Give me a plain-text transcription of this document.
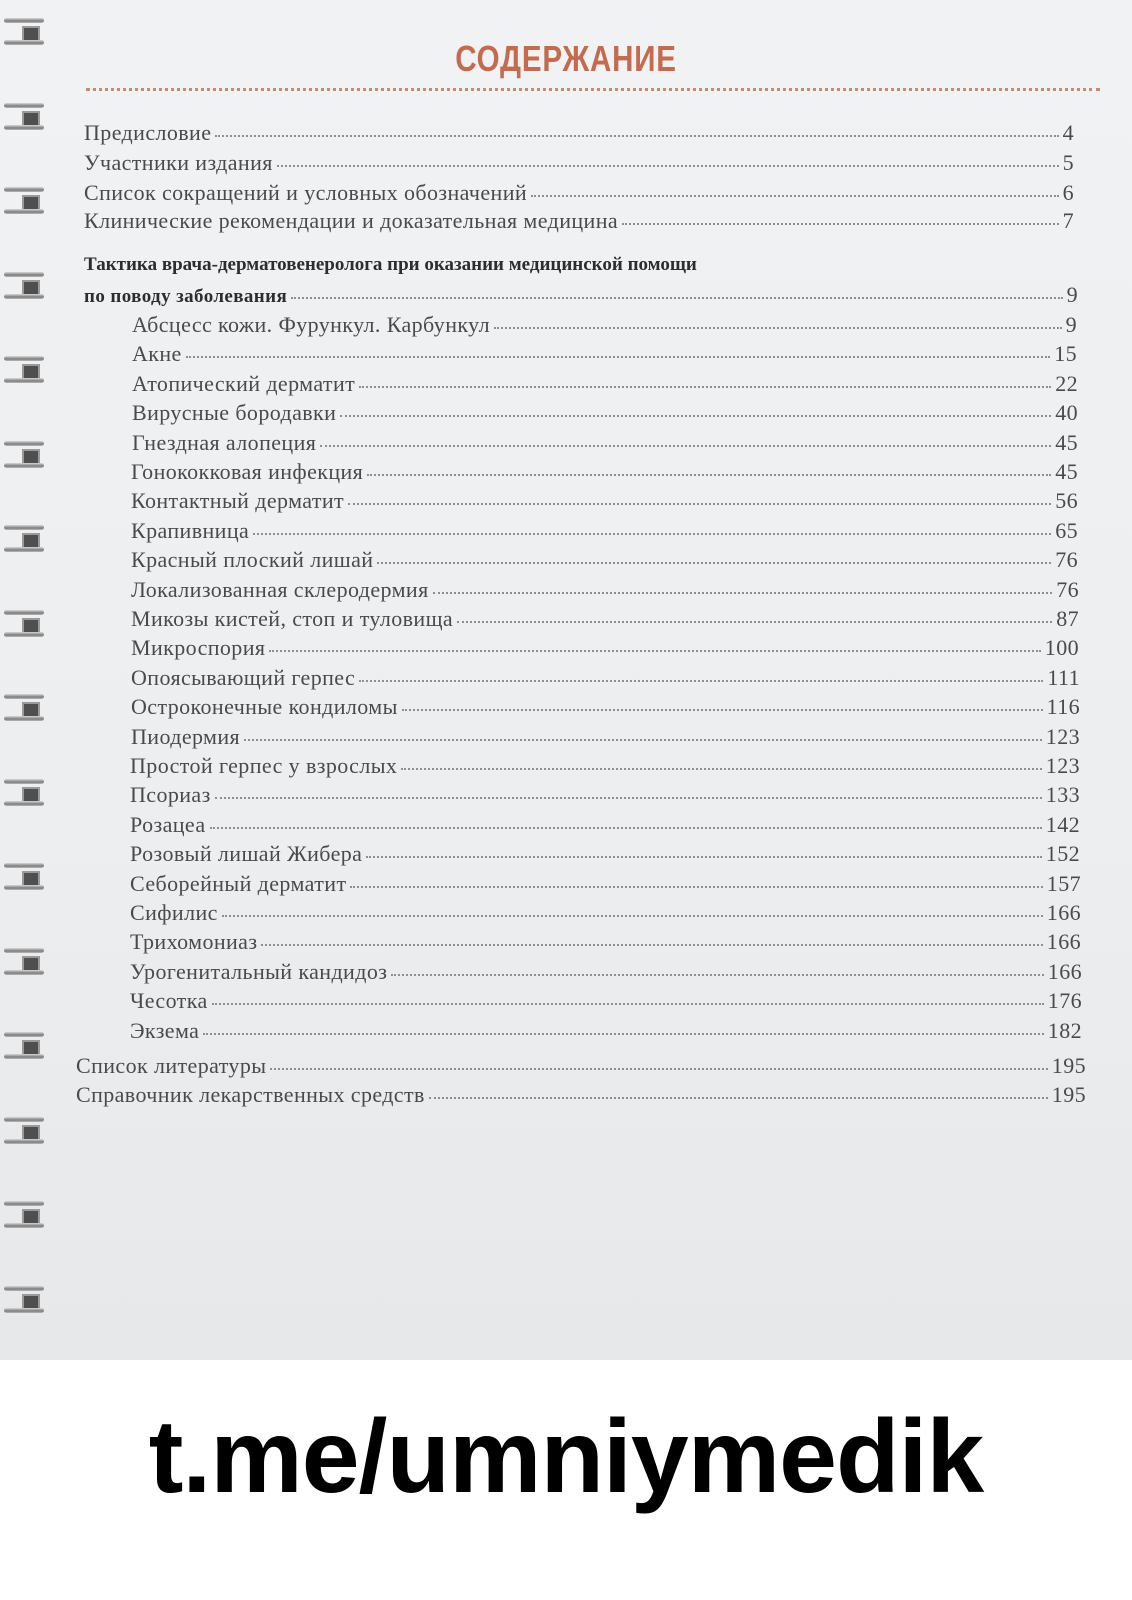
СОДЕРЖАНИЕ
Предисловие	4
Участники издания	5
Список сокращений и условных обозначений	6
Клинические рекомендации и доказательная медицина	7
Тактика врача-дерматовенеролога при оказании медицинской помощи
по поводу заболевания	9
Абсцесс кожи. Фурункул. Карбункул	9
Акне	15
Атопический дерматит	22
Вирусные бородавки	40
Гнездная алопеция	45
Гонококковая инфекция	45
Контактный дерматит	56
Крапивница	65
Красный плоский лишай	76
Локализованная склеродермия	76
Микозы кистей, стоп и туловища	87
Микроспория	100
Опоясывающий герпес	111
Остроконечные кондиломы	116
Пиодермия	123
Простой герпес у взрослых	123
Псориаз	133
Розацеа	142
Розовый лишай Жибера	152
Себорейный дерматит	157
Сифилис	166
Трихомониаз	166
Урогенитальный кандидоз	166
Чесотка	176
Экзема	182
Список литературы	195
Справочник лекарственных средств	195
t.me/umniymedik
